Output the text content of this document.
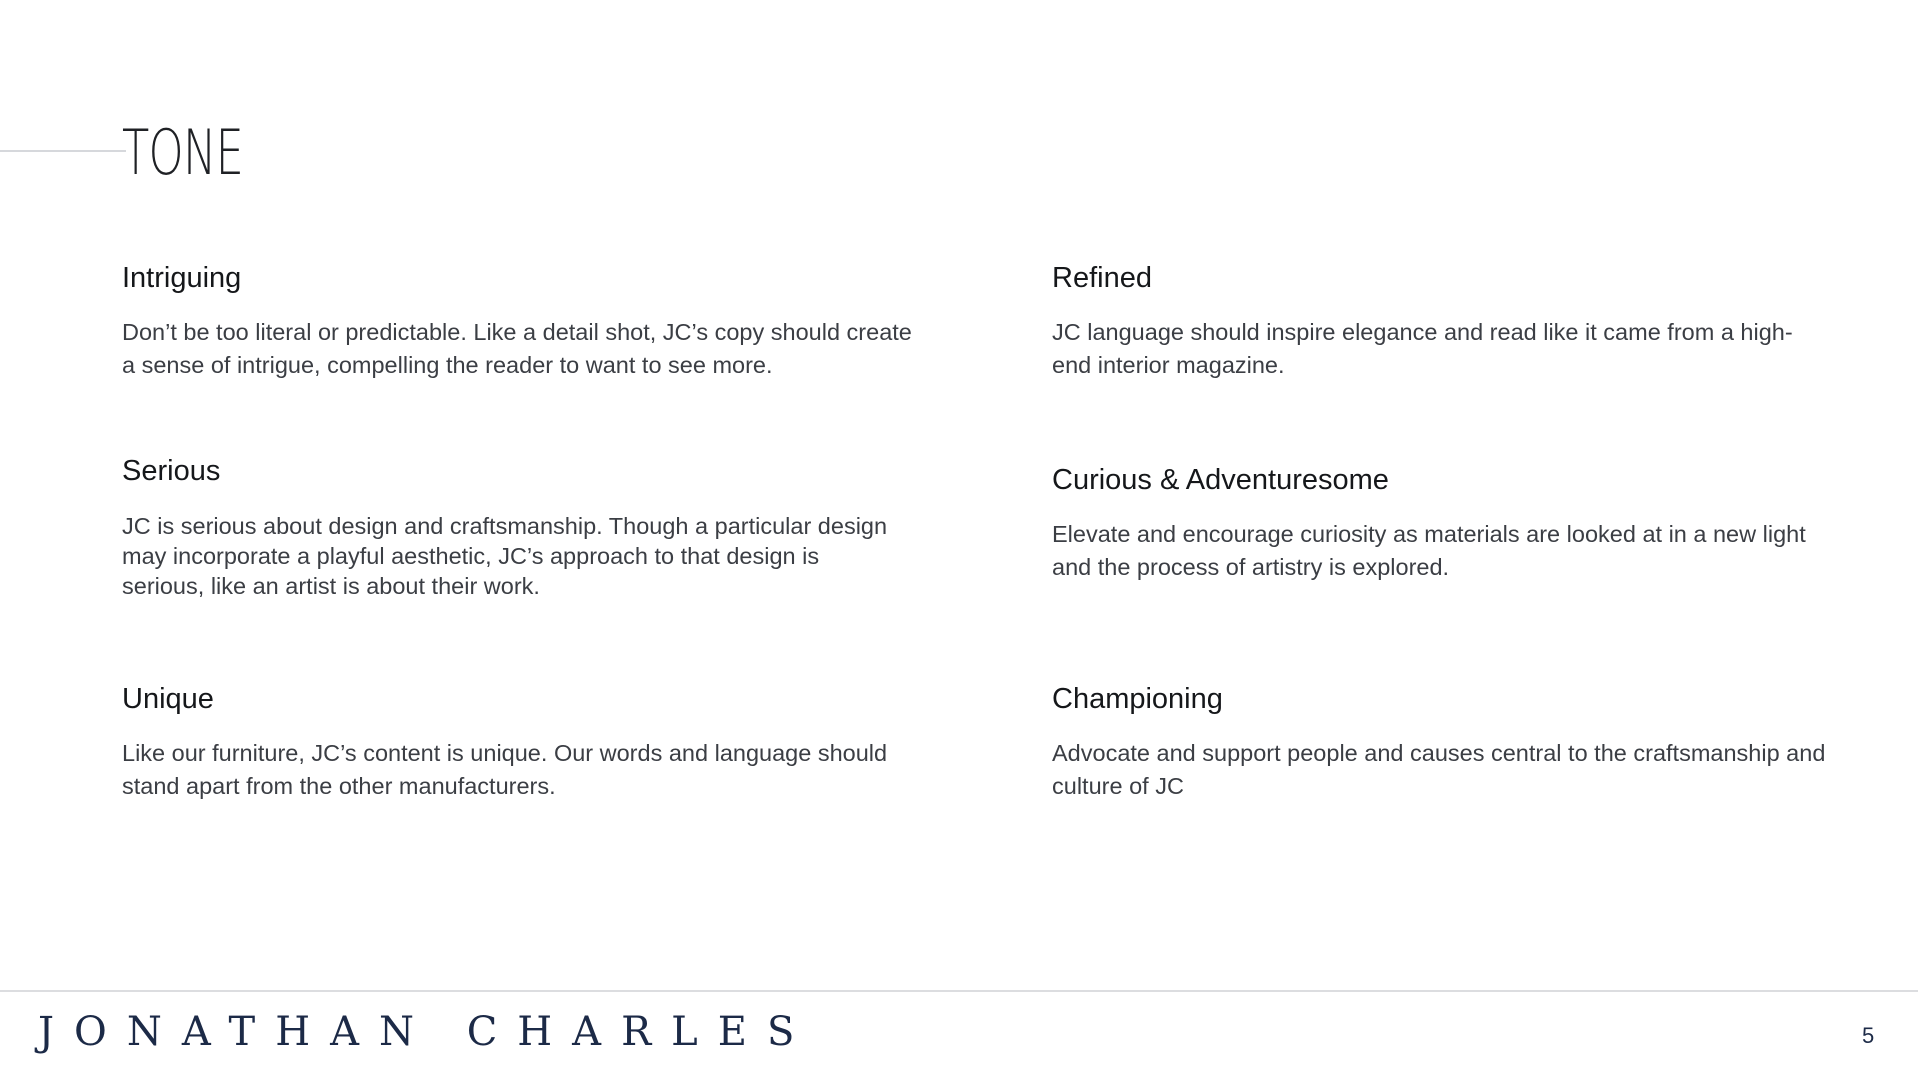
TONE
Intriguing

Don’t be too literal or predictable. Like a detail shot, JC’s copy should create a sense of intrigue, compelling the reader to want to see more.

Refined

JC language should inspire elegance and read like it came from a high-end interior magazine.

Serious

JC is serious about design and craftsmanship. Though a particular design may incorporate a playful aesthetic, JC’s approach to that design is serious, like an artist is about their work.

Curious & Adventuresome

Elevate and encourage curiosity as materials are looked at in a new light and the process of artistry is explored.

Unique

Like our furniture, JC’s content is unique. Our words and language should stand apart from the other manufacturers.

Championing

Advocate and support people and causes central to the craftsmanship and culture of JC

JONATHAN CHARLES	5
